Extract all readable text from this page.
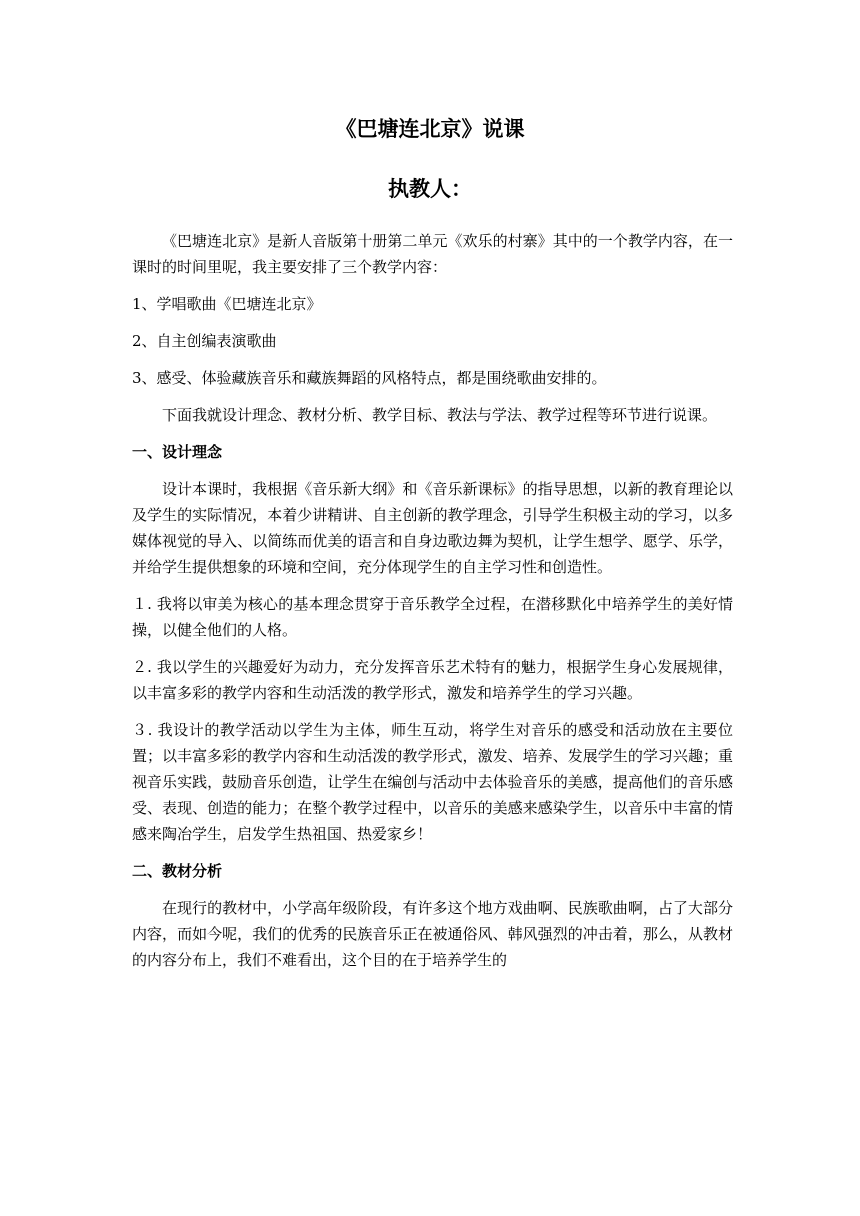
《巴塘连北京》说课
执教人：

《巴塘连北京》是新人音版第十册第二单元《欢乐的村寨》其中的一个教学内容，在一课时的时间里呢，我主要安排了三个教学内容：

1、学唱歌曲《巴塘连北京》

2、自主创编表演歌曲

3、感受、体验藏族音乐和藏族舞蹈的风格特点，都是围绕歌曲安排的。

下面我就设计理念、教材分析、教学目标、教法与学法、教学过程等环节进行说课。

一、设计理念

设计本课时，我根据《音乐新大纲》和《音乐新课标》的指导思想，以新的教育理论以及学生的实际情况，本着少讲精讲、自主创新的教学理念，引导学生积极主动的学习，以多媒体视觉的导入、以简练而优美的语言和自身边歌边舞为契机，让学生想学、愿学、乐学，并给学生提供想象的环境和空间，充分体现学生的自主学习性和创造性。

１. 我将以审美为核心的基本理念贯穿于音乐教学全过程，在潜移默化中培养学生的美好情操，以健全他们的人格。

２. 我以学生的兴趣爱好为动力，充分发挥音乐艺术特有的魅力，根据学生身心发展规律，以丰富多彩的教学内容和生动活泼的教学形式，激发和培养学生的学习兴趣。

３. 我设计的教学活动以学生为主体，师生互动，将学生对音乐的感受和活动放在主要位置；以丰富多彩的教学内容和生动活泼的教学形式，激发、培养、发展学生的学习兴趣；重视音乐实践，鼓励音乐创造，让学生在编创与活动中去体验音乐的美感，提高他们的音乐感受、表现、创造的能力；在整个教学过程中，以音乐的美感来感染学生，以音乐中丰富的情感来陶冶学生，启发学生热祖国、热爱家乡！

二、教材分析

在现行的教材中，小学高年级阶段，有许多这个地方戏曲啊、民族歌曲啊，占了大部分内容，而如今呢，我们的优秀的民族音乐正在被通俗风、韩风强烈的冲击着，那么，从教材的内容分布上，我们不难看出，这个目的在于培养学生的
